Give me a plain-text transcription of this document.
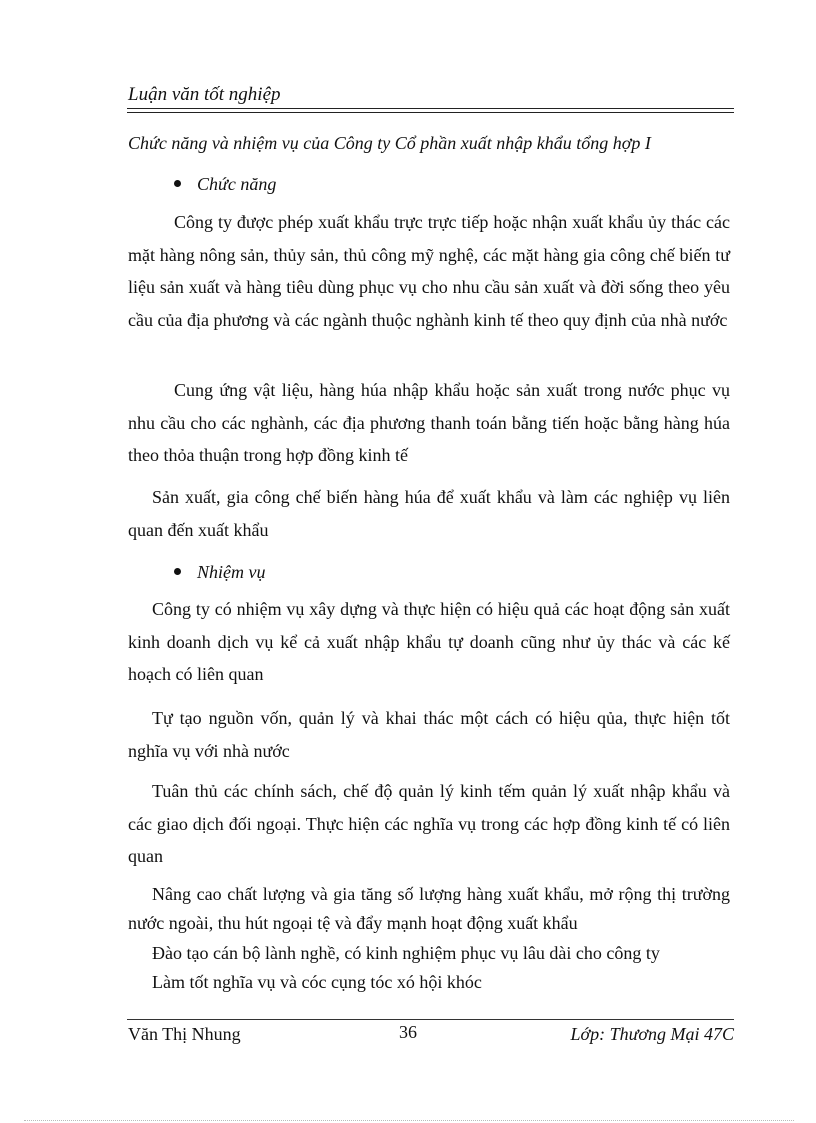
Luận văn tốt nghiệp
Chức năng và nhiệm vụ của Công ty Cổ phần xuất nhập khẩu tổng hợp I
Chức năng

Công ty được phép xuất khẩu trực trực tiếp hoặc nhận xuất khẩu ủy thác các mặt hàng nông sản, thủy sản, thủ công mỹ nghệ, các mặt hàng gia công chế biến tư liệu sản xuất và hàng tiêu dùng phục vụ cho nhu cầu sản xuất và đời sống theo yêu cầu của địa phương và các ngành thuộc nghành kinh tế theo quy định của nhà nước

Cung ứng vật liệu, hàng húa nhập khẩu hoặc sản xuất trong nước phục vụ nhu cầu cho các nghành, các địa phương thanh toán bằng tiến hoặc bằng hàng húa theo thỏa thuận trong hợp đồng kinh tế

Sản xuất, gia công chế biến hàng húa để xuất khẩu và làm các nghiệp vụ liên quan đến xuất khẩu

Nhiệm vụ

Công ty có nhiệm vụ xây dựng và thực hiện có hiệu quả các hoạt động sản xuất kinh doanh dịch vụ kể cả xuất nhập khẩu tự doanh cũng như ủy thác và các kế hoạch có liên quan

Tự tạo nguồn vốn, quản lý và khai thác một cách có hiệu qủa, thực hiện tốt nghĩa vụ với nhà nước

Tuân thủ các chính sách, chế độ quản lý kinh tếm quản lý xuất nhập khẩu và các giao dịch đối ngoại. Thực hiện các nghĩa vụ trong các hợp đồng kinh tế có liên quan

Nâng cao chất lượng và gia tăng số lượng hàng xuất khẩu, mở rộng thị trường nước ngoài, thu hút ngoại tệ và đẩy mạnh hoạt động xuất khẩu

Đào tạo cán bộ lành nghề, có kinh nghiệm phục vụ lâu dài cho công ty
Làm tốt nghĩa vụ và cóc cụng tóc xó hội khóc
Văn Thị Nhung	36	Lớp: Thương Mại 47C
